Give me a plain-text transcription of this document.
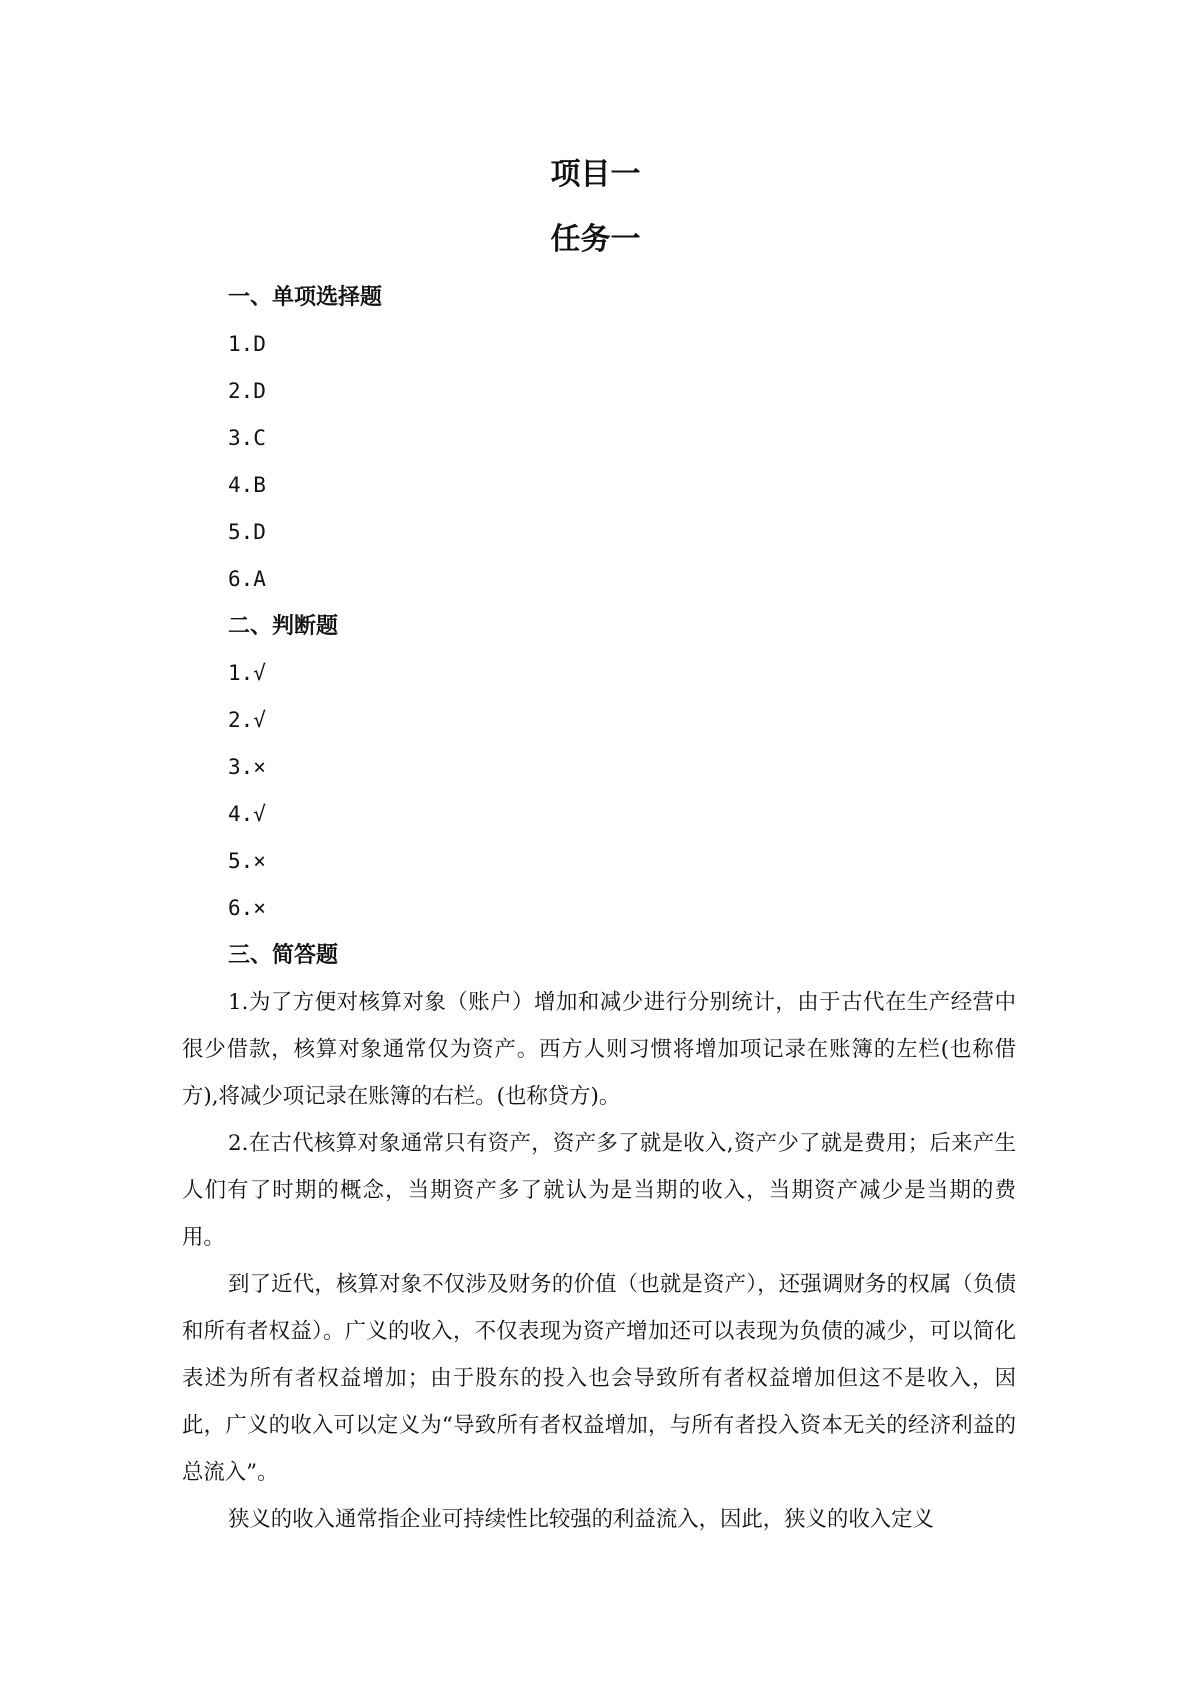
项目一
任务一
一、单项选择题
1.D
2.D
3.C
4.B
5.D
6.A
二、判断题
1.√
2.√
3.×
4.√
5.×
6.×
三、简答题

1.为了方便对核算对象（账户）增加和减少进行分别统计，由于古代在生产经营中很少借款，核算对象通常仅为资产。西方人则习惯将增加项记录在账簿的左栏(也称借方),将减少项记录在账簿的右栏。(也称贷方)。

2.在古代核算对象通常只有资产，资产多了就是收入,资产少了就是费用；后来产生人们有了时期的概念，当期资产多了就认为是当期的收入，当期资产减少是当期的费用。

到了近代，核算对象不仅涉及财务的价值（也就是资产），还强调财务的权属（负债和所有者权益）。广义的收入，不仅表现为资产增加还可以表现为负债的减少，可以简化表述为所有者权益增加；由于股东的投入也会导致所有者权益增加但这不是收入，因此，广义的收入可以定义为“导致所有者权益增加，与所有者投入资本无关的经济利益的总流入”。

狭义的收入通常指企业可持续性比较强的利益流入，因此，狭义的收入定义
